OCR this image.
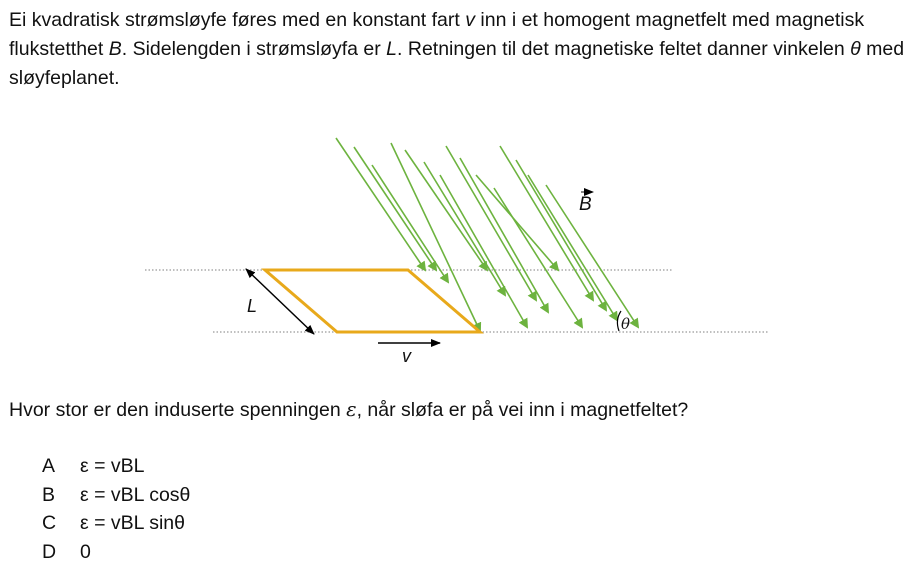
Ei kvadratisk strømsløyfe føres med en konstant fart v inn i et homogent magnetfelt med magnetisk flukstetthet B. Sidelengden i strømsløyfa er L. Retningen til det magnetiske feltet danner vinkelen θ med sløyfeplanet.
B
L
v
θ
Hvor stor er den induserte spenningen ε, når sløfa er på vei inn i magnetfeltet?
A ε = vBL
B ε = vBL cosθ
C ε = vBL sinθ
D 0
